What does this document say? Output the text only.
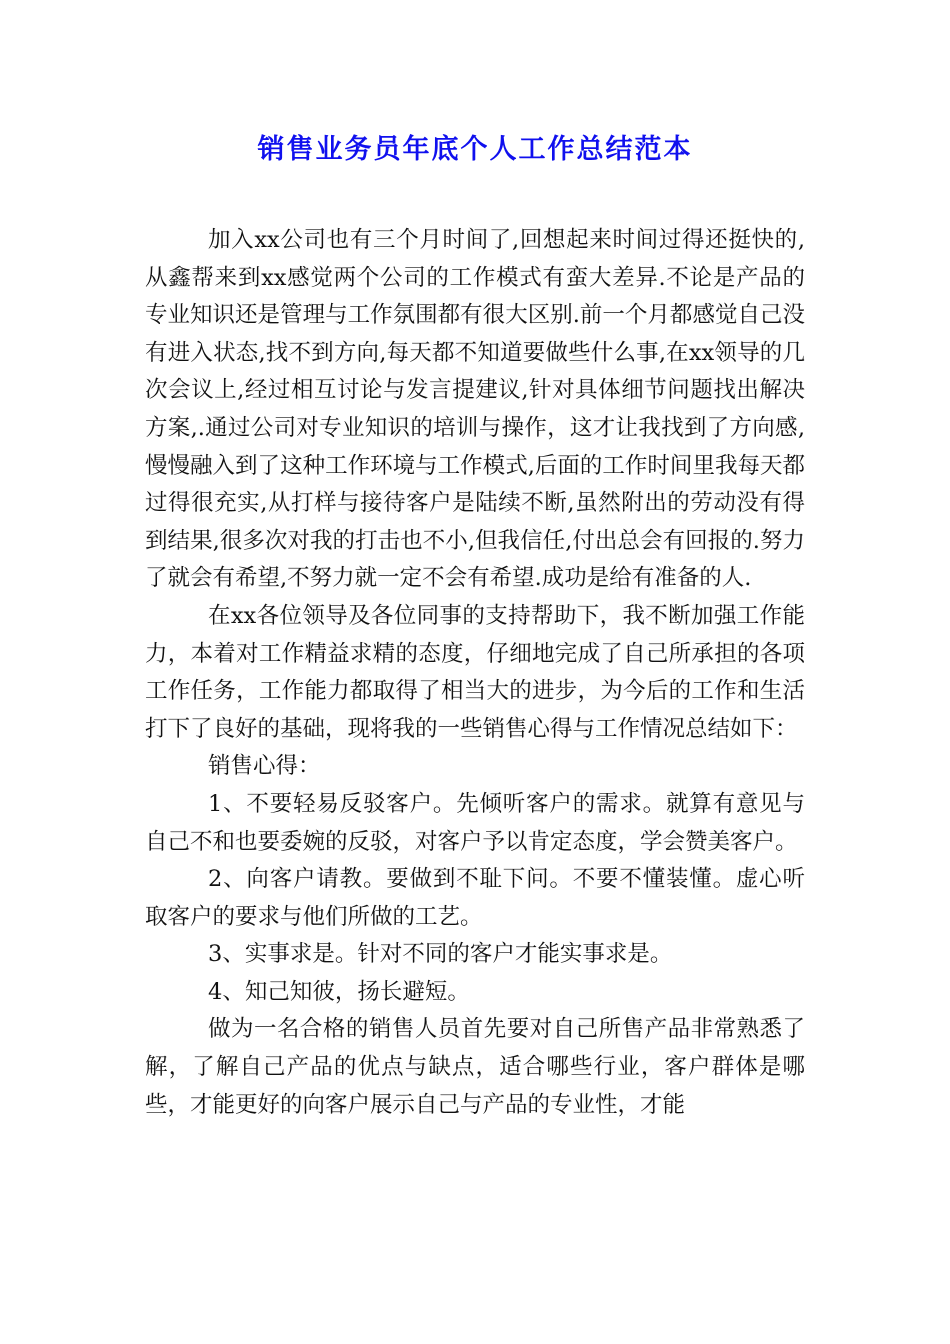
销售业务员年底个人工作总结范本

加入xx公司也有三个月时间了,回想起来时间过得还挺快的,从鑫帮来到xx感觉两个公司的工作模式有蛮大差异.不论是产品的专业知识还是管理与工作氛围都有很大区别.前一个月都感觉自己没有进入状态,找不到方向,每天都不知道要做些什么事,在xx领导的几次会议上,经过相互讨论与发言提建议,针对具体细节问题找出解决方案,.通过公司对专业知识的培训与操作，这才让我找到了方向感,慢慢融入到了这种工作环境与工作模式,后面的工作时间里我每天都过得很充实,从打样与接待客户是陆续不断,虽然附出的劳动没有得到结果,很多次对我的打击也不小,但我信任,付出总会有回报的.努力了就会有希望,不努力就一定不会有希望.成功是给有准备的人.

在xx各位领导及各位同事的支持帮助下，我不断加强工作能力，本着对工作精益求精的态度，仔细地完成了自己所承担的各项工作任务，工作能力都取得了相当大的进步，为今后的工作和生活打下了良好的基础，现将我的一些销售心得与工作情况总结如下：

销售心得：

1、不要轻易反驳客户。先倾听客户的需求。就算有意见与自己不和也要委婉的反驳，对客户予以肯定态度，学会赞美客户。

2、向客户请教。要做到不耻下问。不要不懂装懂。虚心听取客户的要求与他们所做的工艺。

3、实事求是。针对不同的客户才能实事求是。

4、知己知彼，扬长避短。

做为一名合格的销售人员首先要对自己所售产品非常熟悉了解，了解自己产品的优点与缺点，适合哪些行业，客户群体是哪些，才能更好的向客户展示自己与产品的专业性，才能
